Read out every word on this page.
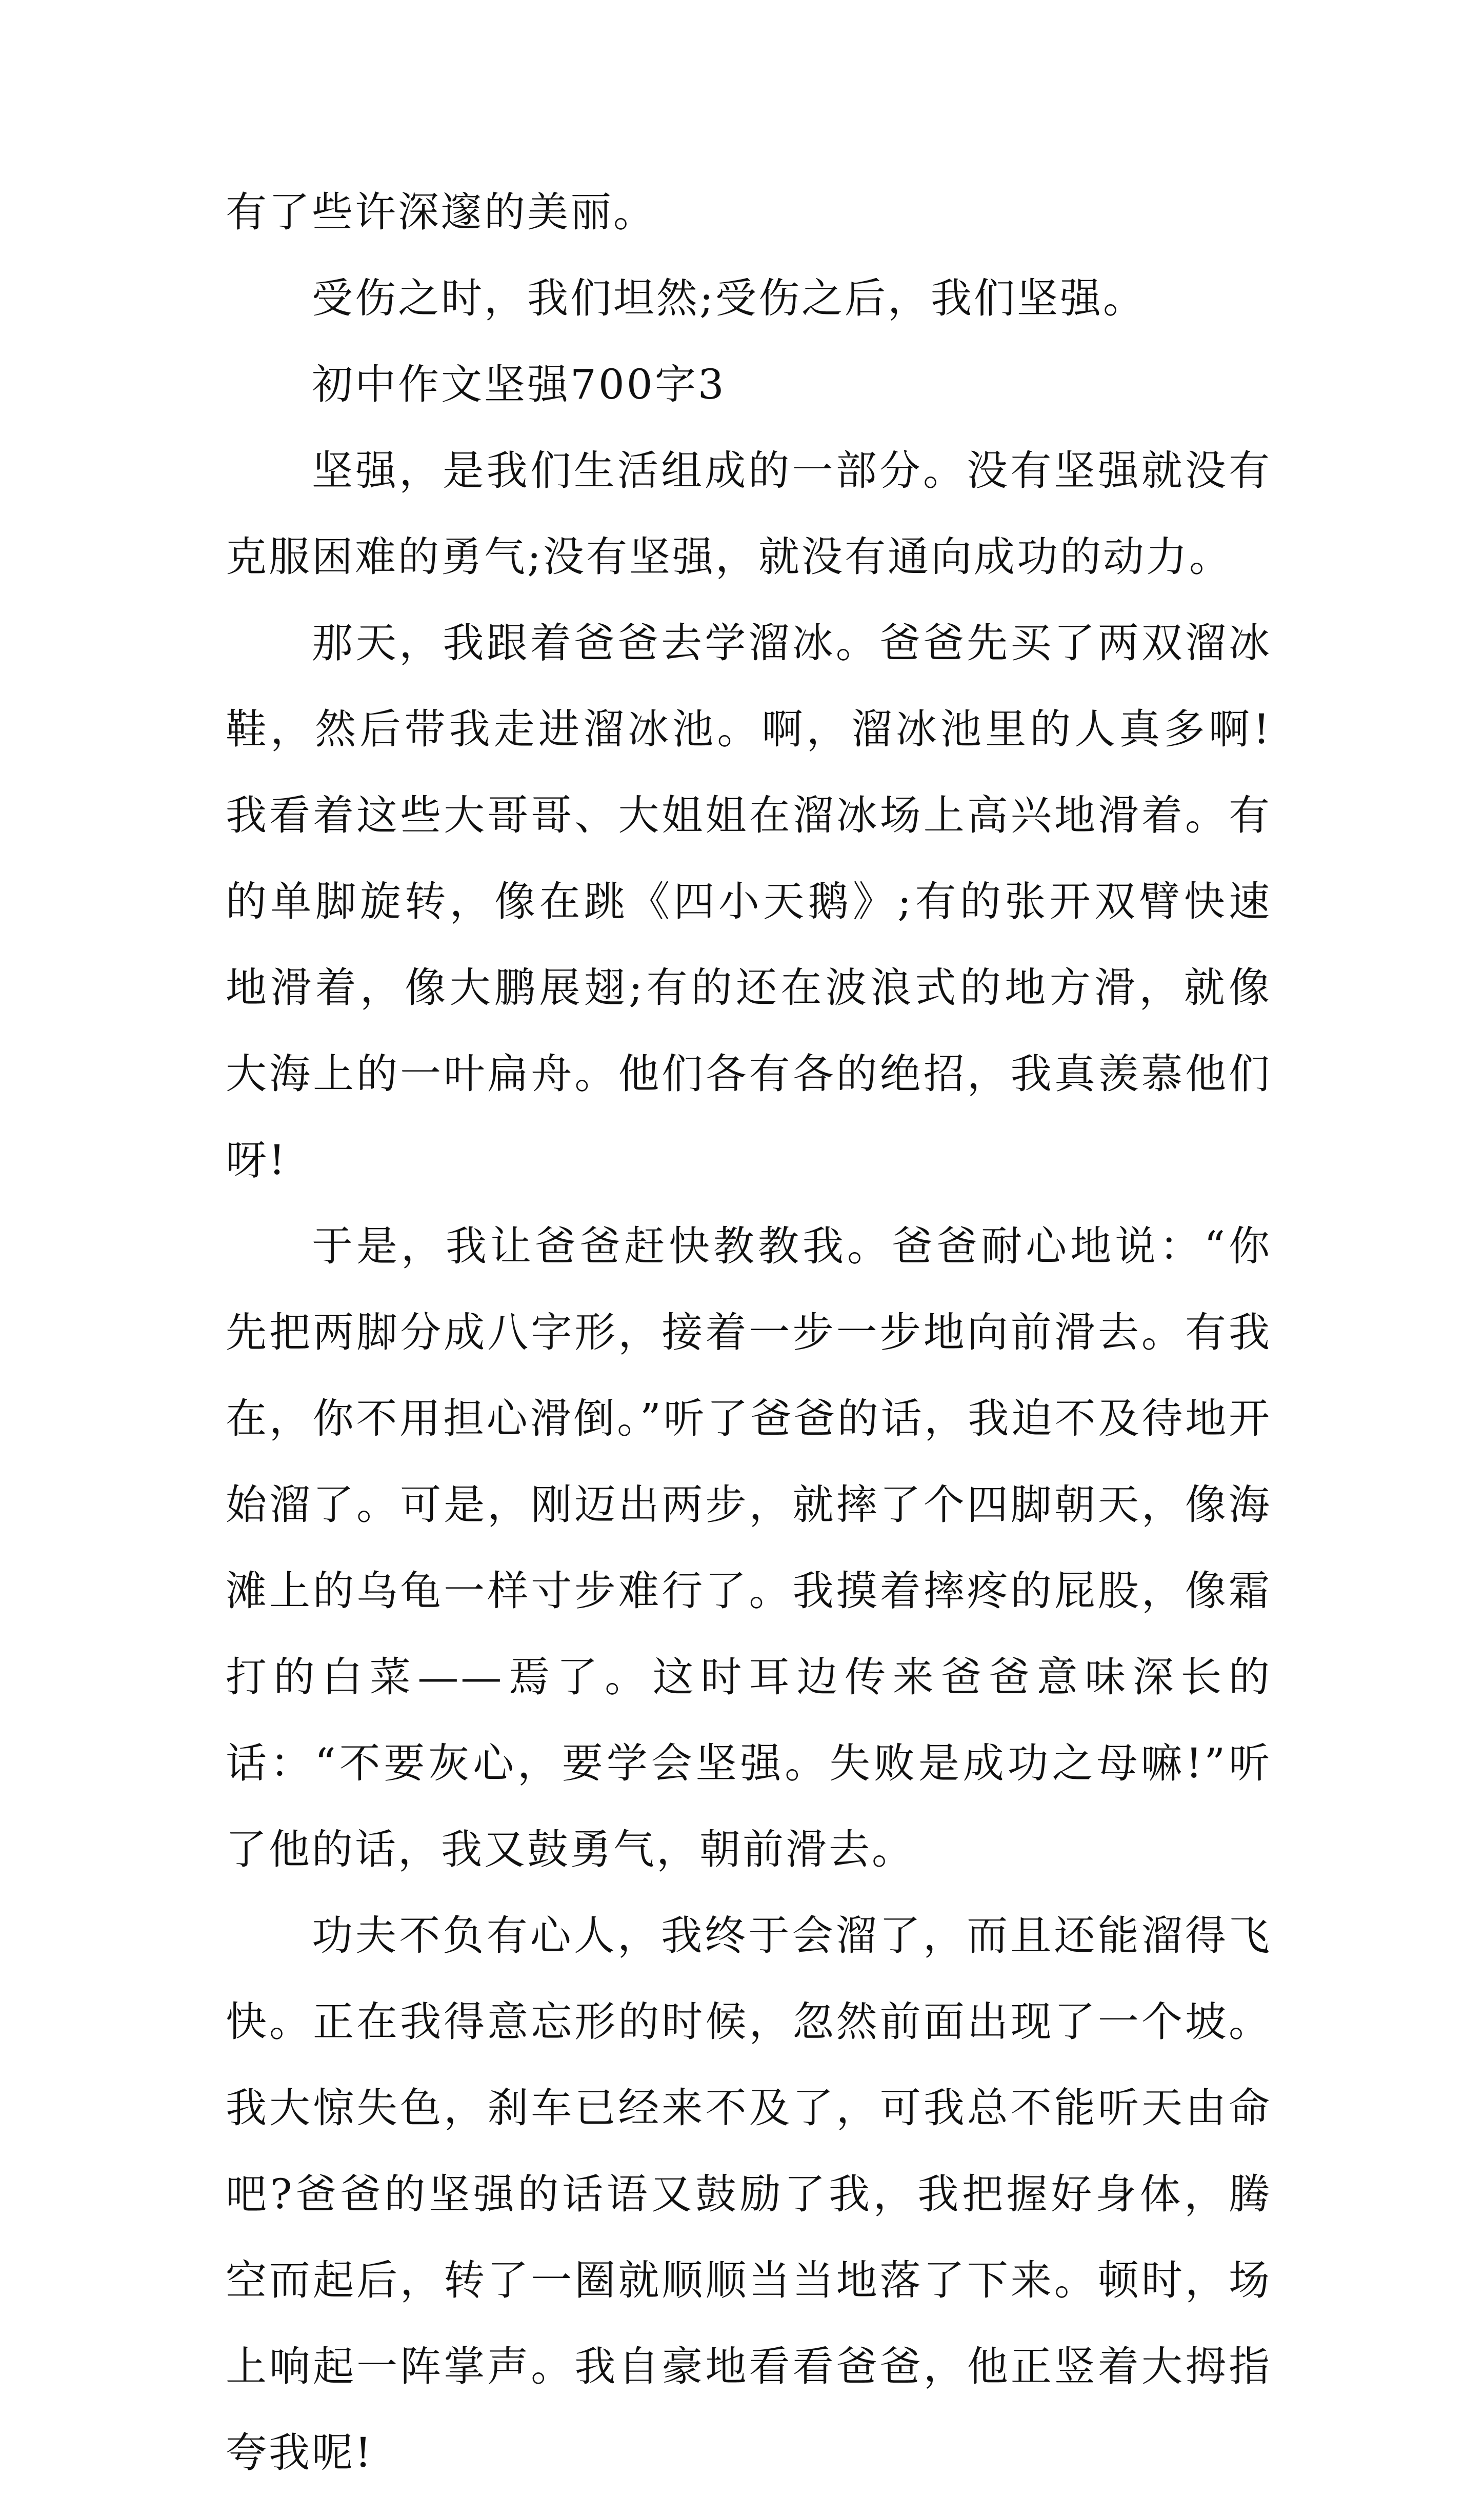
有了些许深邃的美丽。

受伤之时，我们坦然;受伤之后，我们坚强。

初中作文坚强700字3

坚强，是我们生活组成的一部分。没有坚强就没有克服困难的勇气;没有坚强，就没有通向成功的动力。

那天，我跟着爸爸去学溜冰。爸爸先买了两双溜冰鞋，然后带我走进溜冰池。啊，溜冰池里的人真多啊!我看着这些大哥哥、大姐姐在溜冰场上高兴地滑着。有的单脚旋转，像在跳《四小天鹅》;有的张开双臂快速地滑着，像大鹏展翅;有的还在波浪式的地方滑，就像大海上的一叶扁舟。他们各有各的绝招，我真羡慕他们呀!

于是，我让爸爸赶快教教我。爸爸耐心地说：“你先把两脚分成八字形，接着一步一步地向前滑去。有我在，你不用担心滑倒。”听了爸爸的话，我迫不及待地开始溜了。可是，刚迈出两步，就摔了个四脚朝天，像海滩上的乌龟一样寸步难行了。我摸着摔疼的屁股，像霜打的白菜——焉了。这时耳边传来爸爸意味深长的话：“不要灰心，要学会坚强。失败是成功之母嘛!”听了他的话，我又鼓勇气，朝前滑去。

功夫不负有心人，我终于会溜了，而且还能溜得飞快。正在我得意忘形的时候，忽然前面出现了一个坡。我大惊失色，刹车已经来不及了，可我总不能听天由命吧?爸爸的坚强的话语又鼓励了我，我把握好身体，腾空而起后，转了一圈就顺顺当当地落了下来。顿时，场上响起一阵掌声。我自豪地看看爸爸，他正竖着大拇指夸我呢!
